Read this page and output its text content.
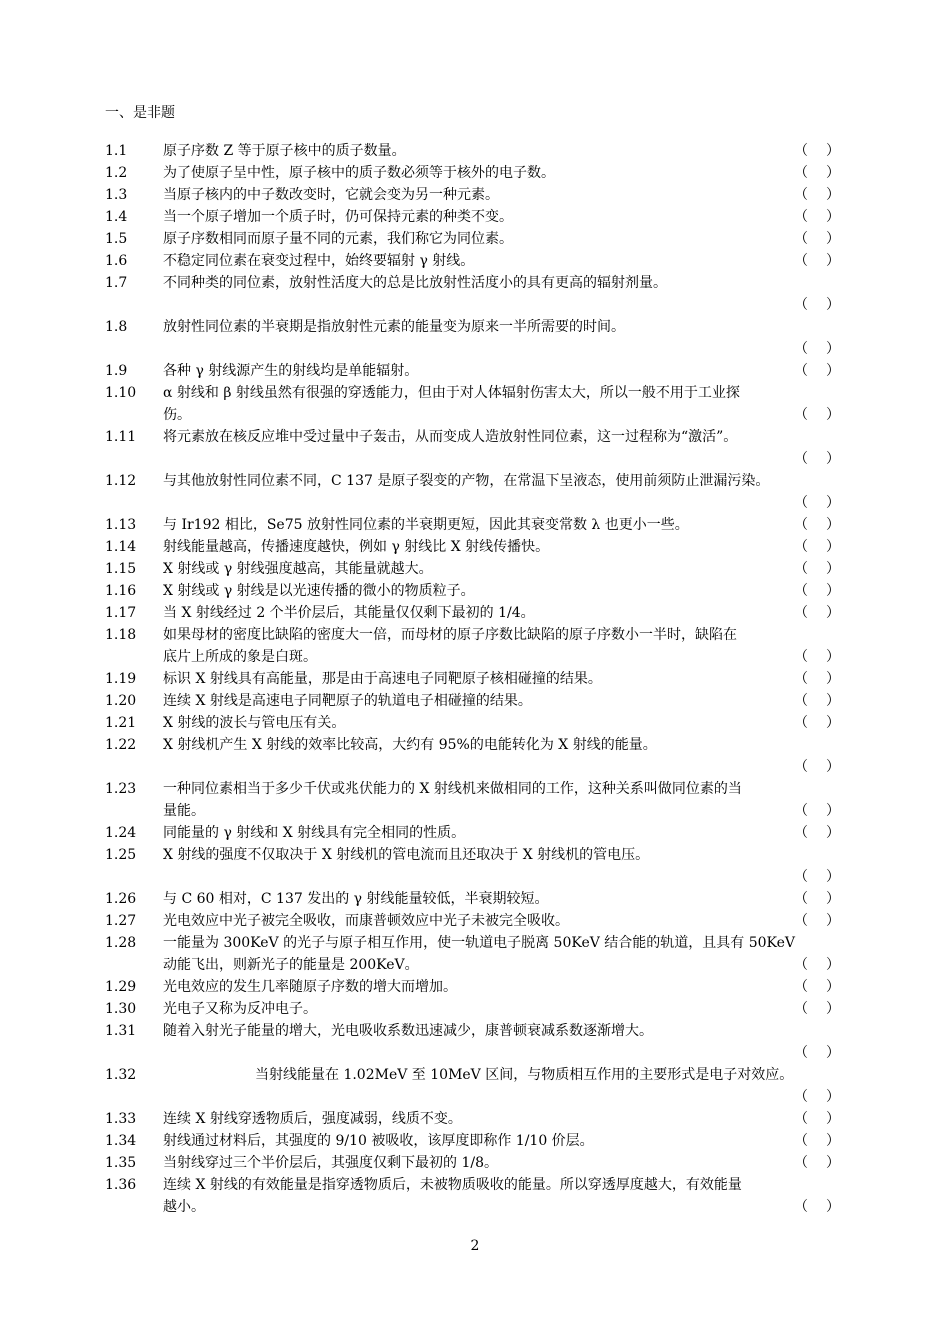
一、是非题
1.1	原子序数 Z 等于原子核中的质子数量。	（ ）
1.2	为了使原子呈中性，原子核中的质子数必须等于核外的电子数。	（ ）
1.3	当原子核内的中子数改变时，它就会变为另一种元素。	（ ）
1.4	当一个原子增加一个质子时，仍可保持元素的种类不变。	（ ）
1.5	原子序数相同而原子量不同的元素，我们称它为同位素。	（ ）
1.6	不稳定同位素在衰变过程中，始终要辐射 γ 射线。	（ ）
1.7	不同种类的同位素，放射性活度大的总是比放射性活度小的具有更高的辐射剂量。
（ ）
1.8	放射性同位素的半衰期是指放射性元素的能量变为原来一半所需要的时间。
（ ）
1.9	各种 γ 射线源产生的射线均是单能辐射。	（ ）
1.10	α 射线和 β 射线虽然有很强的穿透能力，但由于对人体辐射伤害太大，所以一般不用于工业探
伤。	（ ）
1.11	将元素放在核反应堆中受过量中子轰击，从而变成人造放射性同位素，这一过程称为“激活”。
（ ）
1.12	与其他放射性同位素不同，C 137 是原子裂变的产物，在常温下呈液态，使用前须防止泄漏污染。
（ ）
1.13	与 Ir192 相比，Se75 放射性同位素的半衰期更短，因此其衰变常数 λ 也更小一些。	（ ）
1.14	射线能量越高，传播速度越快，例如 γ 射线比 X 射线传播快。	（ ）
1.15	X 射线或 γ 射线强度越高，其能量就越大。	（ ）
1.16	X 射线或 γ 射线是以光速传播的微小的物质粒子。	（ ）
1.17	当 X 射线经过 2 个半价层后，其能量仅仅剩下最初的 1/4。	（ ）
1.18	如果母材的密度比缺陷的密度大一倍，而母材的原子序数比缺陷的原子序数小一半时，缺陷在
底片上所成的象是白斑。	（ ）
1.19	标识 X 射线具有高能量，那是由于高速电子同靶原子核相碰撞的结果。	（ ）
1.20	连续 X 射线是高速电子同靶原子的轨道电子相碰撞的结果。	（ ）
1.21	X 射线的波长与管电压有关。	（ ）
1.22	X 射线机产生 X 射线的效率比较高，大约有 95%的电能转化为 X 射线的能量。
（ ）
1.23	一种同位素相当于多少千伏或兆伏能力的 X 射线机来做相同的工作，这种关系叫做同位素的当
量能。	（ ）
1.24	同能量的 γ 射线和 X 射线具有完全相同的性质。	（ ）
1.25	X 射线的强度不仅取决于 X 射线机的管电流而且还取决于 X 射线机的管电压。
（ ）
1.26	与 C 60 相对，C 137 发出的 γ 射线能量较低，半衰期较短。	（ ）
1.27	光电效应中光子被完全吸收，而康普顿效应中光子未被完全吸收。	（ ）
1.28	一能量为 300KeV 的光子与原子相互作用，使一轨道电子脱离 50KeV 结合能的轨道，且具有 50KeV
动能飞出，则新光子的能量是 200KeV。	（ ）
1.29	光电效应的发生几率随原子序数的增大而增加。	（ ）
1.30	光电子又称为反冲电子。	（ ）
1.31	随着入射光子能量的增大，光电吸收系数迅速减少，康普顿衰减系数逐渐增大。
（ ）
1.32	当射线能量在 1.02MeV 至 10MeV 区间，与物质相互作用的主要形式是电子对效应。
（ ）
1.33	连续 X 射线穿透物质后，强度减弱，线质不变。	（ ）
1.34	射线通过材料后，其强度的 9/10 被吸收，该厚度即称作 1/10 价层。	（ ）
1.35	当射线穿过三个半价层后，其强度仅剩下最初的 1/8。	（ ）
1.36	连续 X 射线的有效能量是指穿透物质后，未被物质吸收的能量。所以穿透厚度越大，有效能量
越小。	（ ）
2
